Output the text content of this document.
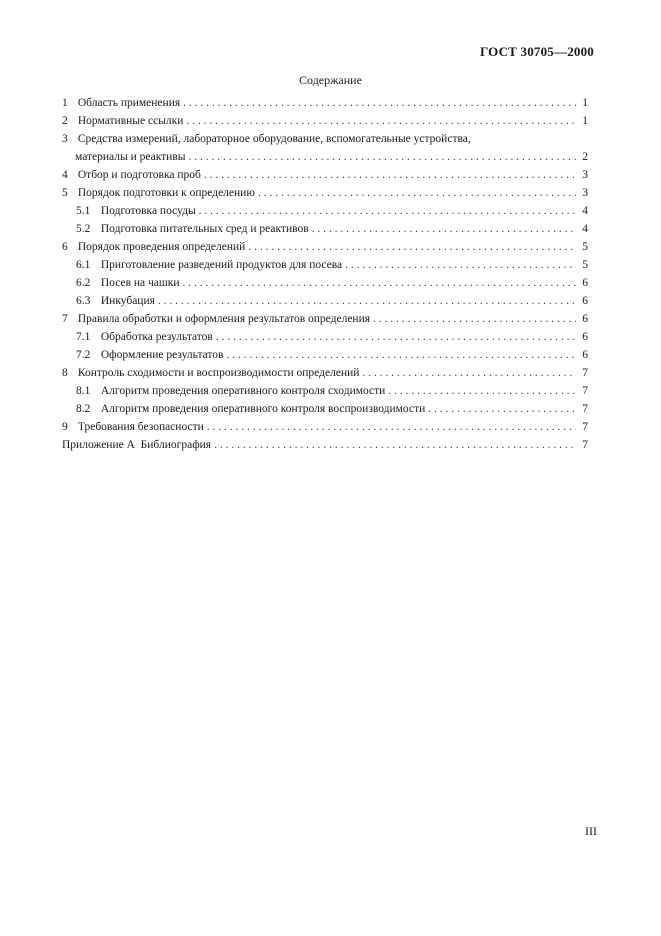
ГОСТ 30705—2000
Содержание
1 Область применения . . .	1
2 Нормативные ссылки . . .	1
3 Средства измерений, лабораторное оборудование, вспомогательные устройства,
материалы и реактивы . . .	2
4 Отбор и подготовка проб . . .	3
5 Порядок подготовки к определению . . .	3
5.1 Подготовка посуды . . .	4
5.2 Подготовка питательных сред и реактивов . . .	4
6 Порядок проведения определений . . .	5
6.1 Приготовление разведений продуктов для посева . . .	5
6.2 Посев на чашки . . .	6
6.3 Инкубация . . .	6
7 Правила обработки и оформления результатов определения . . .	6
7.1 Обработка результатов . . .	6
7.2 Оформление результатов . . .	6
8 Контроль сходимости и воспроизводимости определений . . .	7
8.1 Алгоритм проведения оперативного контроля сходимости . . .	7
8.2 Алгоритм проведения оперативного контроля воспроизводимости . . .	7
9 Требования безопасности . . .	7
Приложение А Библиография . . .	7
III
